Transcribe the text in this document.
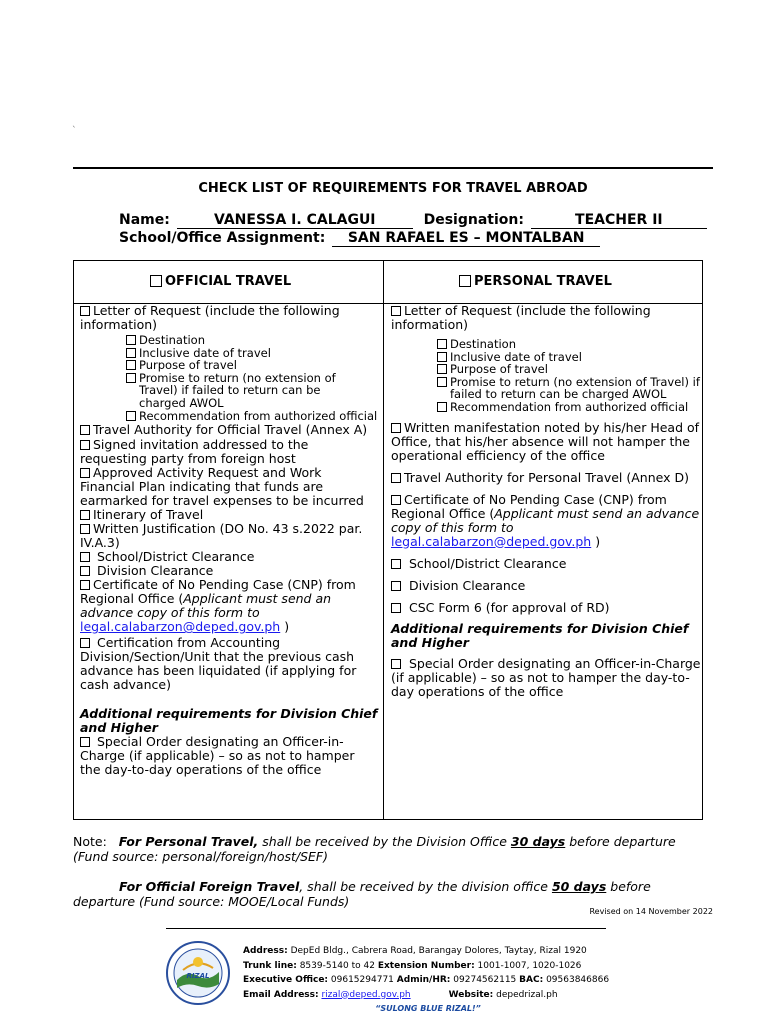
`
CHECK LIST OF REQUIREMENTS FOR TRAVEL ABROAD
Name:	VANESSA I. CALAGUI	Designation:	TEACHER II
School/Office Assignment: SAN RAFAEL ES – MONTALBAN
OFFICIAL TRAVEL	PERSONAL TRAVEL

Letter of Request (include the following information)

Destination
Inclusive date of travel
Purpose of travel
Promise to return (no extension of Travel) if failed to return can be charged AWOL
Recommendation from authorized official

Travel Authority for Official Travel (Annex A)

Signed invitation addressed to the requesting party from foreign host

Approved Activity Request and Work Financial Plan indicating that funds are earmarked for travel expenses to be incurred

Itinerary of Travel

Written Justification (DO No. 43 s.2022 par. IV.A.3)

School/District Clearance

Division Clearance

Certificate of No Pending Case (CNP) from Regional Office (Applicant must send an advance copy of this form to
legal.calabarzon@deped.gov.ph )

Certification from Accounting Division/Section/Unit that the previous cash advance has been liquidated (if applying for cash advance)

Additional requirements for Division Chief and Higher

Special Order designating an Officer-in-Charge (if applicable) – so as not to hamper the day-to-day operations of the office

Letter of Request (include the following information)

Destination
Inclusive date of travel
Purpose of travel
Promise to return (no extension of Travel) if failed to return can be charged AWOL
Recommendation from authorized official

Written manifestation noted by his/her Head of Office, that his/her absence will not hamper the operational efficiency of the office

Travel Authority for Personal Travel (Annex D)

Certificate of No Pending Case (CNP) from Regional Office (Applicant must send an advance copy of this form to
legal.calabarzon@deped.gov.ph )

School/District Clearance

Division Clearance

CSC Form 6 (for approval of RD)

Additional requirements for Division Chief and Higher

Special Order designating an Officer-in-Charge (if applicable) – so as not to hamper the day-to-day operations of the office

Note: For Personal Travel, shall be received by the Division Office 30 days before departure (Fund source: personal/foreign/host/SEF)
For Official Foreign Travel, shall be received by the division office 50 days before departure (Fund source: MOOE/Local Funds)
Revised on 14 November 2022
RIZAL
Address: DepEd Bldg., Cabrera Road, Barangay Dolores, Taytay, Rizal 1920
Trunk line: 8539-5140 to 42 Extension Number: 1001-1007, 1020-1026
Executive Office: 09615294771 Admin/HR: 09274562115 BAC: 09563846866
Email Address: rizal@deped.gov.ph	Website: depedrizal.ph
“SULONG BLUE RIZAL!”
